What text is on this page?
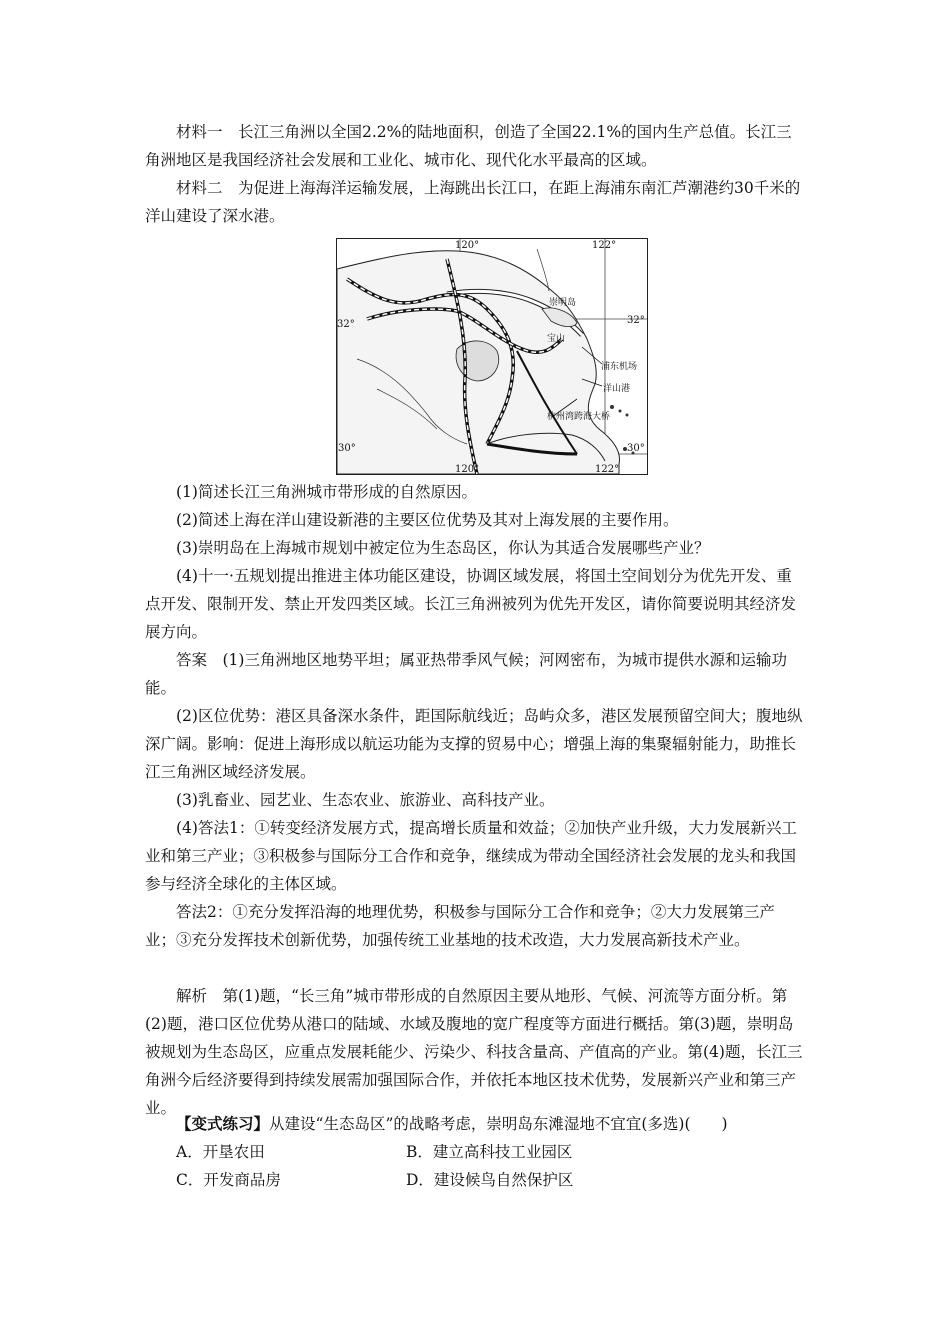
材料一　长江三角洲以全国2.2%的陆地面积，创造了全国22.1%的国内生产总值。长江三角洲地区是我国经济社会发展和工业化、城市化、现代化水平最高的区域。

材料二　为促进上海海洋运输发展，上海跳出长江口，在距上海浦东南汇芦潮港约30千米的洋山建设了深水港。

120°	122°
32°	32°
30°
120°	122°
30°
崇明岛
宝山
浦东机场
洋山港
杭州湾跨海大桥

(1)简述长江三角洲城市带形成的自然原因。

(2)简述上海在洋山建设新港的主要区位优势及其对上海发展的主要作用。

(3)崇明岛在上海城市规划中被定位为生态岛区，你认为其适合发展哪些产业？

(4)十一·五规划提出推进主体功能区建设，协调区域发展，将国土空间划分为优先开发、重点开发、限制开发、禁止开发四类区域。长江三角洲被列为优先开发区，请你简要说明其经济发展方向。

答案　(1)三角洲地区地势平坦；属亚热带季风气候；河网密布，为城市提供水源和运输功能。

(2)区位优势：港区具备深水条件，距国际航线近；岛屿众多，港区发展预留空间大；腹地纵深广阔。影响：促进上海形成以航运功能为支撑的贸易中心；增强上海的集聚辐射能力，助推长江三角洲区域经济发展。

(3)乳畜业、园艺业、生态农业、旅游业、高科技产业。

(4)答法1：①转变经济发展方式，提高增长质量和效益；②加快产业升级，大力发展新兴工业和第三产业；③积极参与国际分工合作和竞争，继续成为带动全国经济社会发展的龙头和我国参与经济全球化的主体区域。

答法2：①充分发挥沿海的地理优势，积极参与国际分工合作和竞争；②大力发展第三产业；③充分发挥技术创新优势，加强传统工业基地的技术改造，大力发展高新技术产业。

解析　第(1)题，“长三角”城市带形成的自然原因主要从地形、气候、河流等方面分析。第(2)题，港口区位优势从港口的陆域、水域及腹地的宽广程度等方面进行概括。第(3)题，崇明岛被规划为生态岛区，应重点发展耗能少、污染少、科技含量高、产值高的产业。第(4)题，长江三角洲今后经济要得到持续发展需加强国际合作，并依托本地区技术优势，发展新兴产业和第三产业。

【变式练习】从建设“生态岛区”的战略考虑，崇明岛东滩湿地不宜宜(多选)(　　)

A．开垦农田	B．建立高科技工业园区
C．开发商品房	D．建设候鸟自然保护区
